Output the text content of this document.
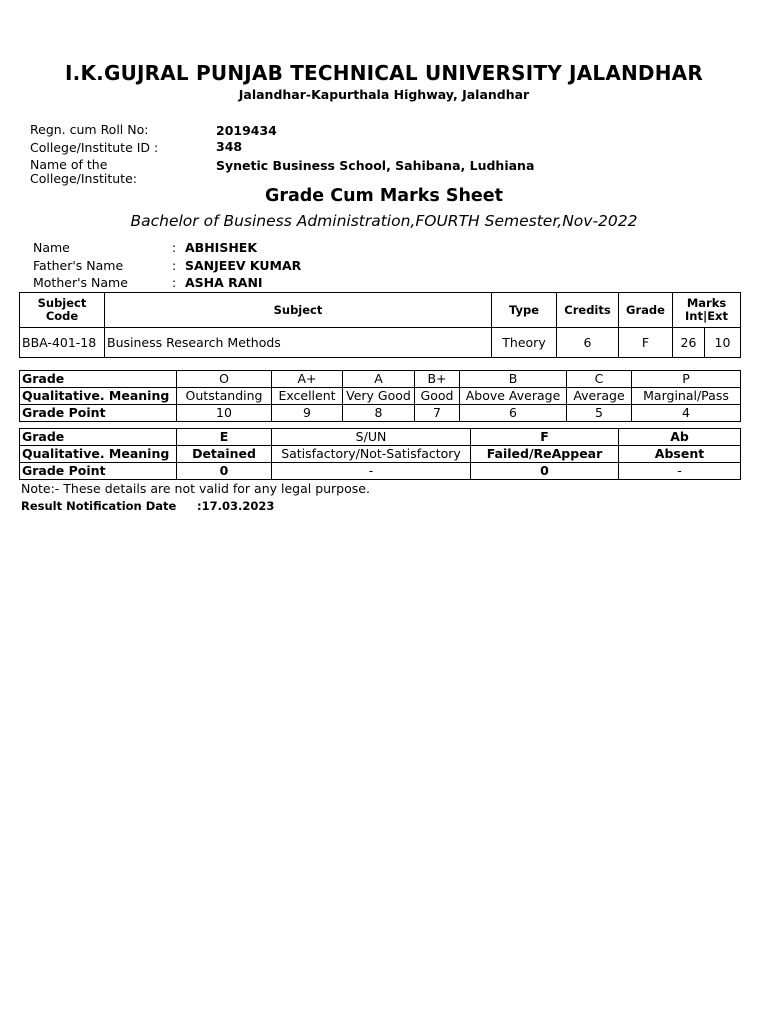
I.K.GUJRAL PUNJAB TECHNICAL UNIVERSITY JALANDHAR
Jalandhar-Kapurthala Highway, Jalandhar
Regn. cum Roll No:	2019434
College/Institute ID :	348
Name of the
College/Institute:
Synetic Business School, Sahibana, Ludhiana
Grade Cum Marks Sheet
Bachelor of Business Administration,FOURTH Semester,Nov-2022
Name	: ABHISHEK
Father's Name	: SANJEEV KUMAR
Mother's Name	: ASHA RANI
Subject
Code	Subject	Type	Credits	Grade	Marks
Int|Ext	
BBA-401-18	Business Research Methods	Theory	6	F	26	10
Grade	O	A+	A	B+	B	C	P
Qualitative. Meaning	Outstanding	Excellent	Very Good	Good	Above Average	Average	Marginal/Pass
Grade Point	10	9	8	7	6	5	4
Grade	E	S/UN	F	Ab
Qualitative. Meaning	Detained	Satisfactory/Not-Satisfactory	Failed/ReAppear	Absent
Grade Point	0	-	0	-
Note:- These details are not valid for any legal purpose.
Result Notification Date :17.03.2023
